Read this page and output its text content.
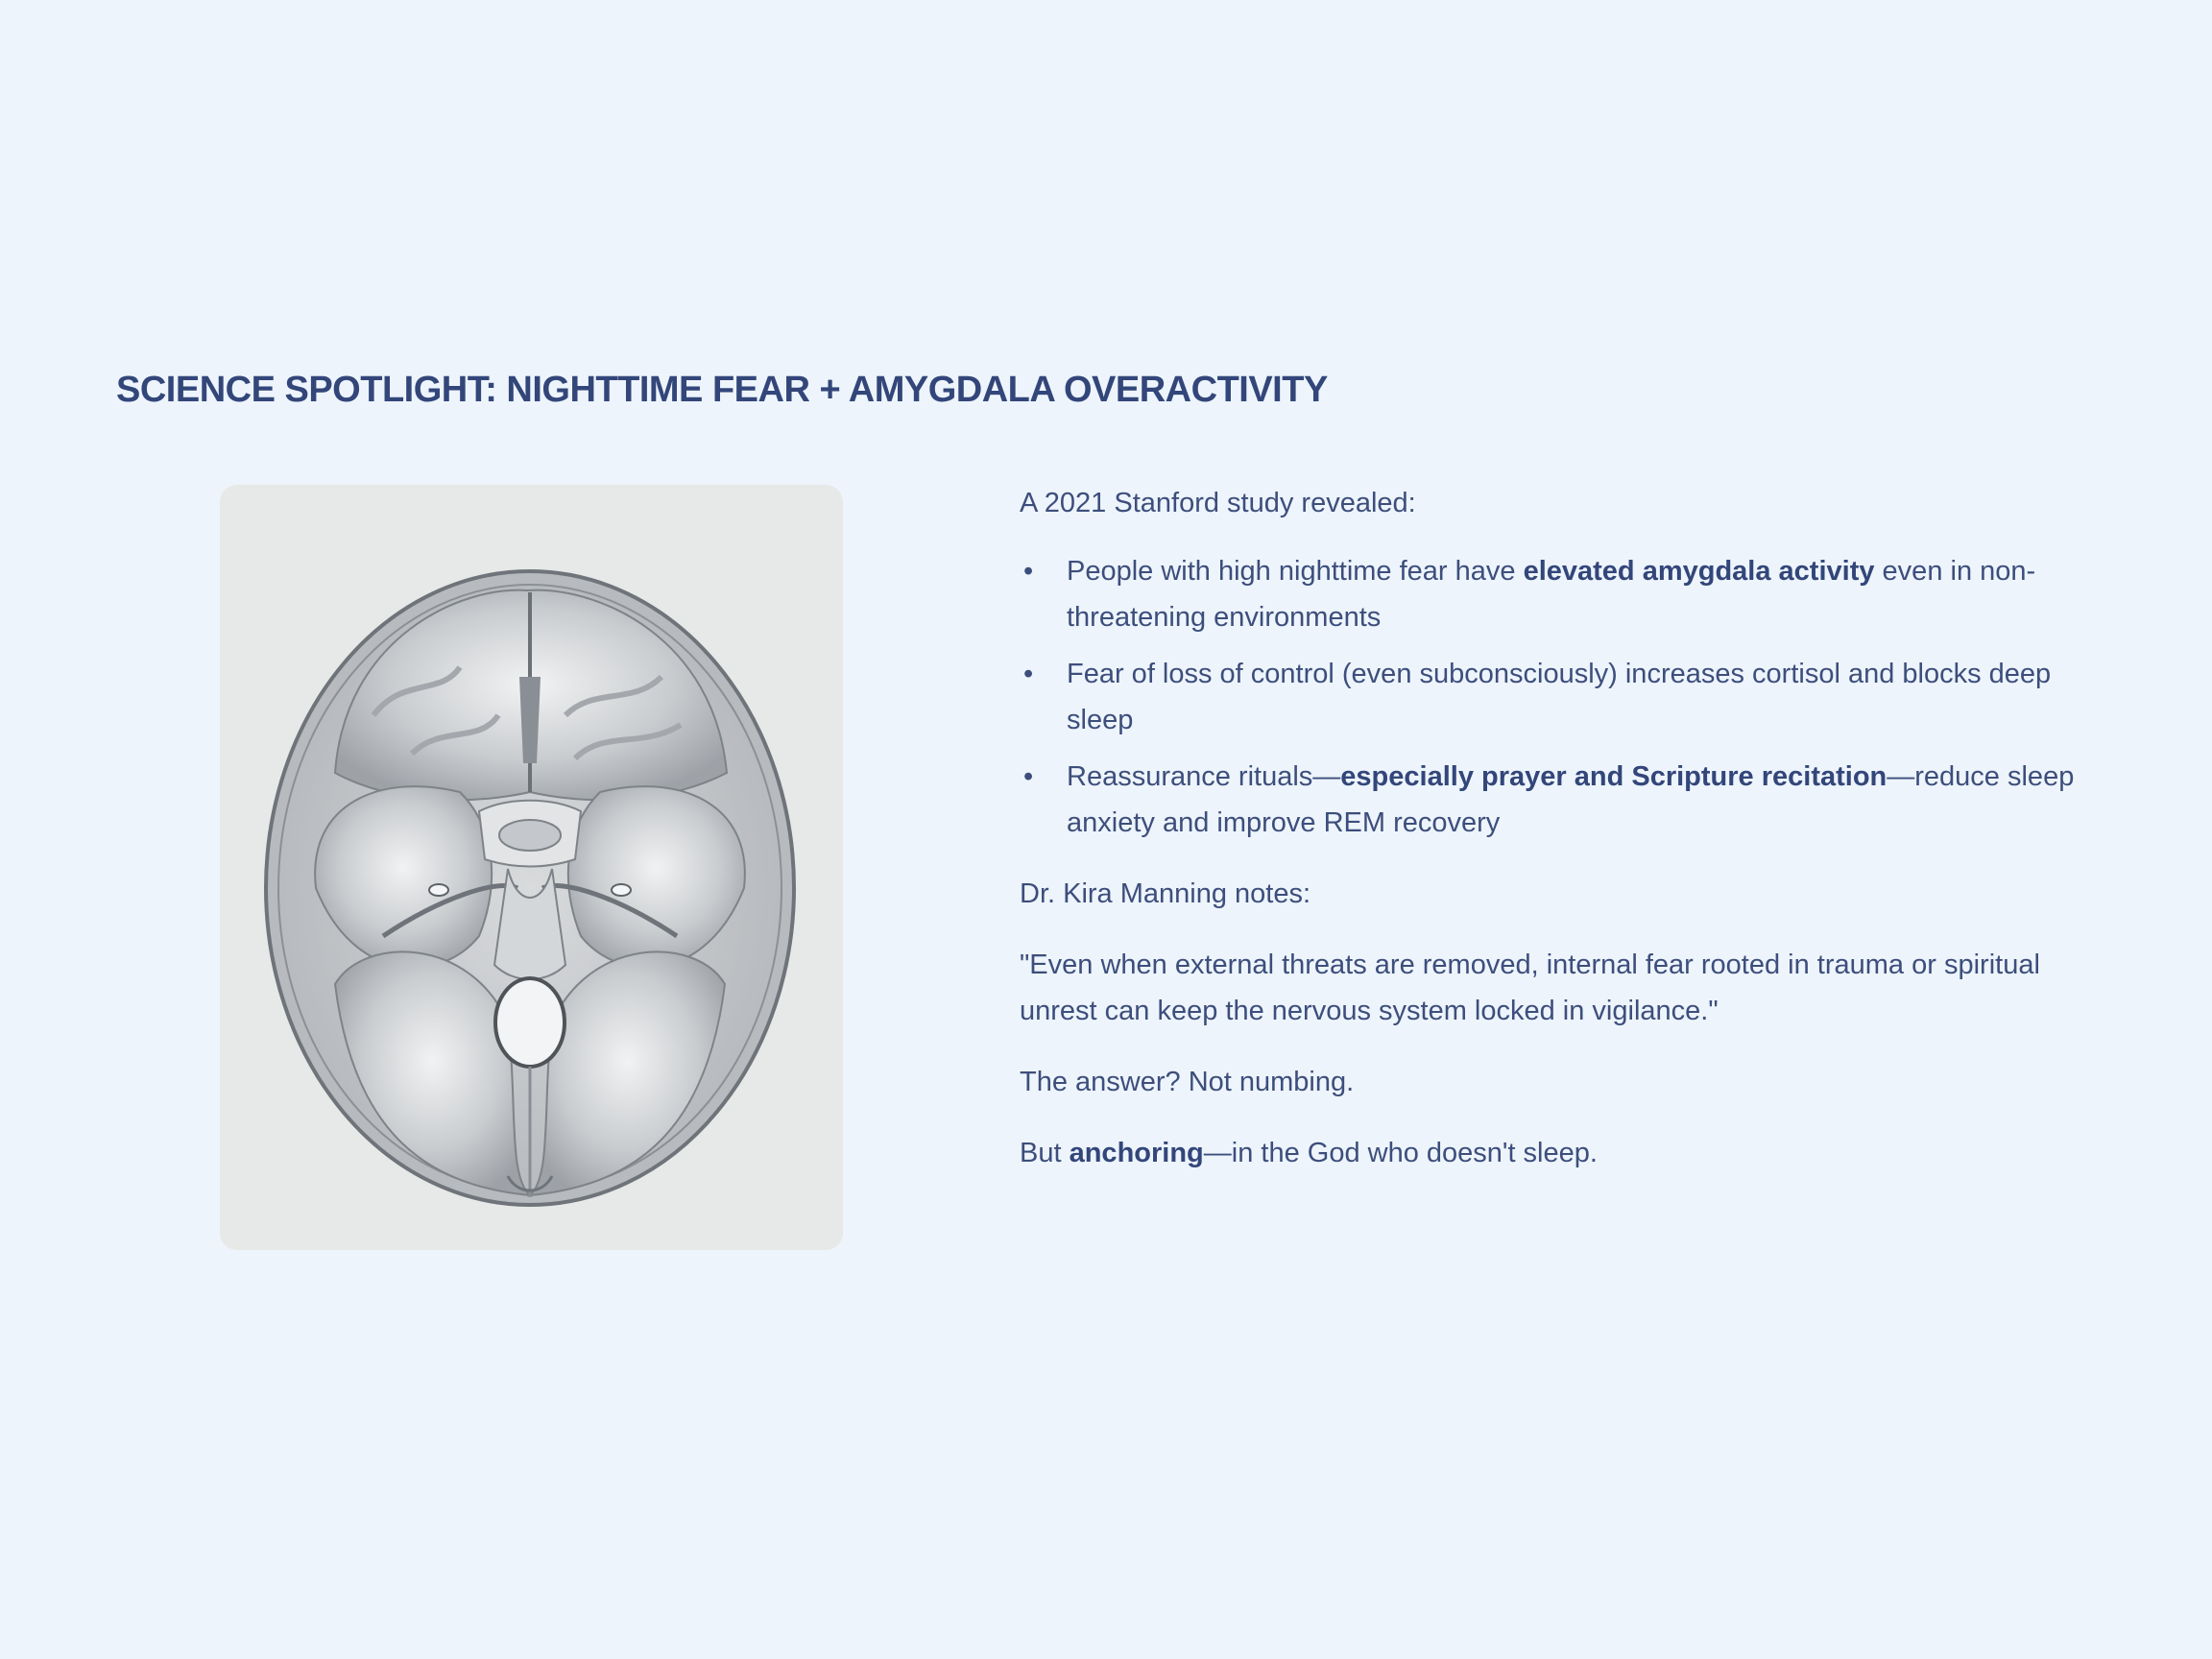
SCIENCE SPOTLIGHT: NIGHTTIME FEAR + AMYGDALA OVERACTIVITY

A 2021 Stanford study revealed:

• People with high nighttime fear have elevated amygdala activity even in non-threatening environments
• Fear of loss of control (even subconsciously) increases cortisol and blocks deep sleep
• Reassurance rituals—especially prayer and Scripture recitation—reduce sleep anxiety and improve REM recovery

Dr. Kira Manning notes:

"Even when external threats are removed, internal fear rooted in trauma or spiritual unrest can keep the nervous system locked in vigilance."

The answer? Not numbing.

But anchoring—in the God who doesn't sleep.
